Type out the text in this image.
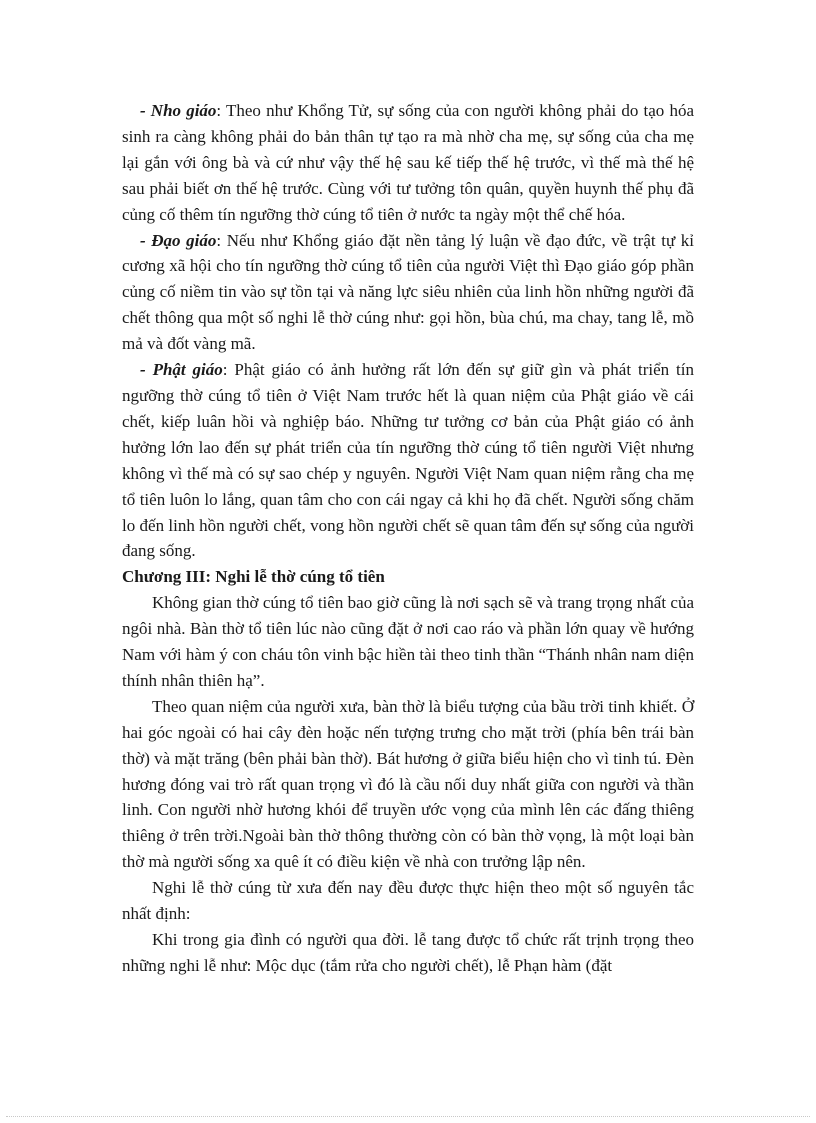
- Nho giáo: Theo như Khổng Tử, sự sống của con người không phải do tạo hóa sinh ra càng không phải do bản thân tự tạo ra mà nhờ cha mẹ, sự sống của cha mẹ lại gắn với ông bà và cứ như vậy thế hệ sau kế tiếp thế hệ trước, vì thế mà thế hệ sau phải biết ơn thế hệ trước. Cùng với tư tưởng tôn quân, quyền huynh thế phụ đã củng cố thêm tín ngưỡng thờ cúng tổ tiên ở nước ta ngày một thể chế hóa.

- Đạo giáo: Nếu như Khổng giáo đặt nền tảng lý luận về đạo đức, về trật tự kỉ cương xã hội cho tín ngưỡng thờ cúng tổ tiên của người Việt thì Đạo giáo góp phần củng cố niềm tin vào sự tồn tại và năng lực siêu nhiên của linh hồn những người đã chết thông qua một số nghi lễ thờ cúng như: gọi hồn, bùa chú, ma chay, tang lễ, mồ mả và đốt vàng mã.

- Phật giáo: Phật giáo có ảnh hưởng rất lớn đến sự giữ gìn và phát triển tín ngưỡng thờ cúng tổ tiên ở Việt Nam trước hết là quan niệm của Phật giáo về cái chết, kiếp luân hồi và nghiệp báo. Những tư tưởng cơ bản của Phật giáo có ảnh hưởng lớn lao đến sự phát triển của tín ngưỡng thờ cúng tổ tiên người Việt nhưng không vì thế mà có sự sao chép y nguyên. Người Việt Nam quan niệm rằng cha mẹ tổ tiên luôn lo lắng, quan tâm cho con cái ngay cả khi họ đã chết. Người sống chăm lo đến linh hồn người chết, vong hồn người chết sẽ quan tâm đến sự sống của người đang sống.

Chương III: Nghi lễ thờ cúng tổ tiên

Không gian thờ cúng tổ tiên bao giờ cũng là nơi sạch sẽ và trang trọng nhất của ngôi nhà. Bàn thờ tổ tiên lúc nào cũng đặt ở nơi cao ráo và phần lớn quay về hướng Nam với hàm ý con cháu tôn vinh bậc hiền tài theo tinh thần “Thánh nhân nam diện thính nhân thiên hạ”.

Theo quan niệm của người xưa, bàn thờ là biểu tượng của bầu trời tinh khiết. Ở hai góc ngoài có hai cây đèn hoặc nến tượng trưng cho mặt trời (phía bên trái bàn thờ) và mặt trăng (bên phải bàn thờ). Bát hương ở giữa biểu hiện cho vì tinh tú. Đèn hương đóng vai trò rất quan trọng vì đó là cầu nối duy nhất giữa con người và thần linh. Con người nhờ hương khói để truyền ước vọng của mình lên các đấng thiêng thiêng ở trên trời.Ngoài bàn thờ thông thường còn có bàn thờ vọng, là một loại bàn thờ mà người sống xa quê ít có điều kiện về nhà con trưởng lập nên.

Nghi lễ thờ cúng từ xưa đến nay đều được thực hiện theo một số nguyên tắc nhất định:

Khi trong gia đình có người qua đời. lễ tang được tổ chức rất trịnh trọng theo những nghi lễ như: Mộc dục (tắm rửa cho người chết), lễ Phạn hàm (đặt
